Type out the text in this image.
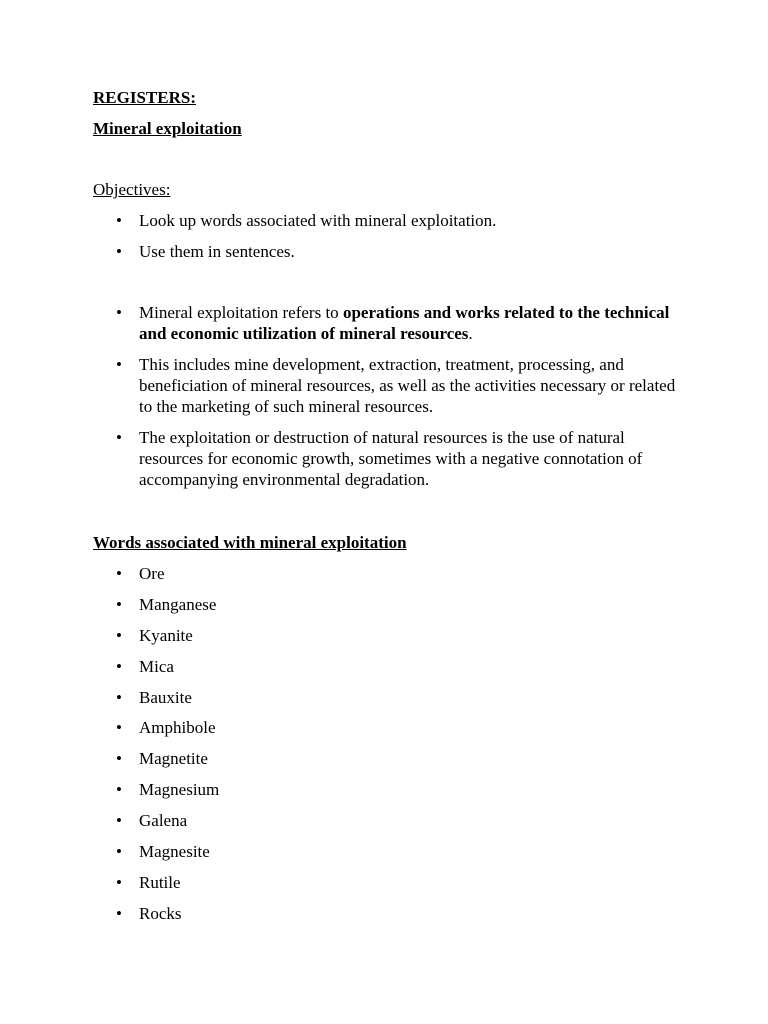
REGISTERS:

Mineral exploitation

Objectives:

• Look up words associated with mineral exploitation.
• Use them in sentences.
• Mineral exploitation refers to operations and works related to the technical and economic utilization of mineral resources.
• This includes mine development, extraction, treatment, processing, and beneficiation of mineral resources, as well as the activities necessary or related to the marketing of such mineral resources.
• The exploitation or destruction of natural resources is the use of natural resources for economic growth, sometimes with a negative connotation of accompanying environmental degradation.

Words associated with mineral exploitation

• Ore
• Manganese
• Kyanite
• Mica
• Bauxite
• Amphibole
• Magnetite
• Magnesium
• Galena
• Magnesite
• Rutile
• Rocks
